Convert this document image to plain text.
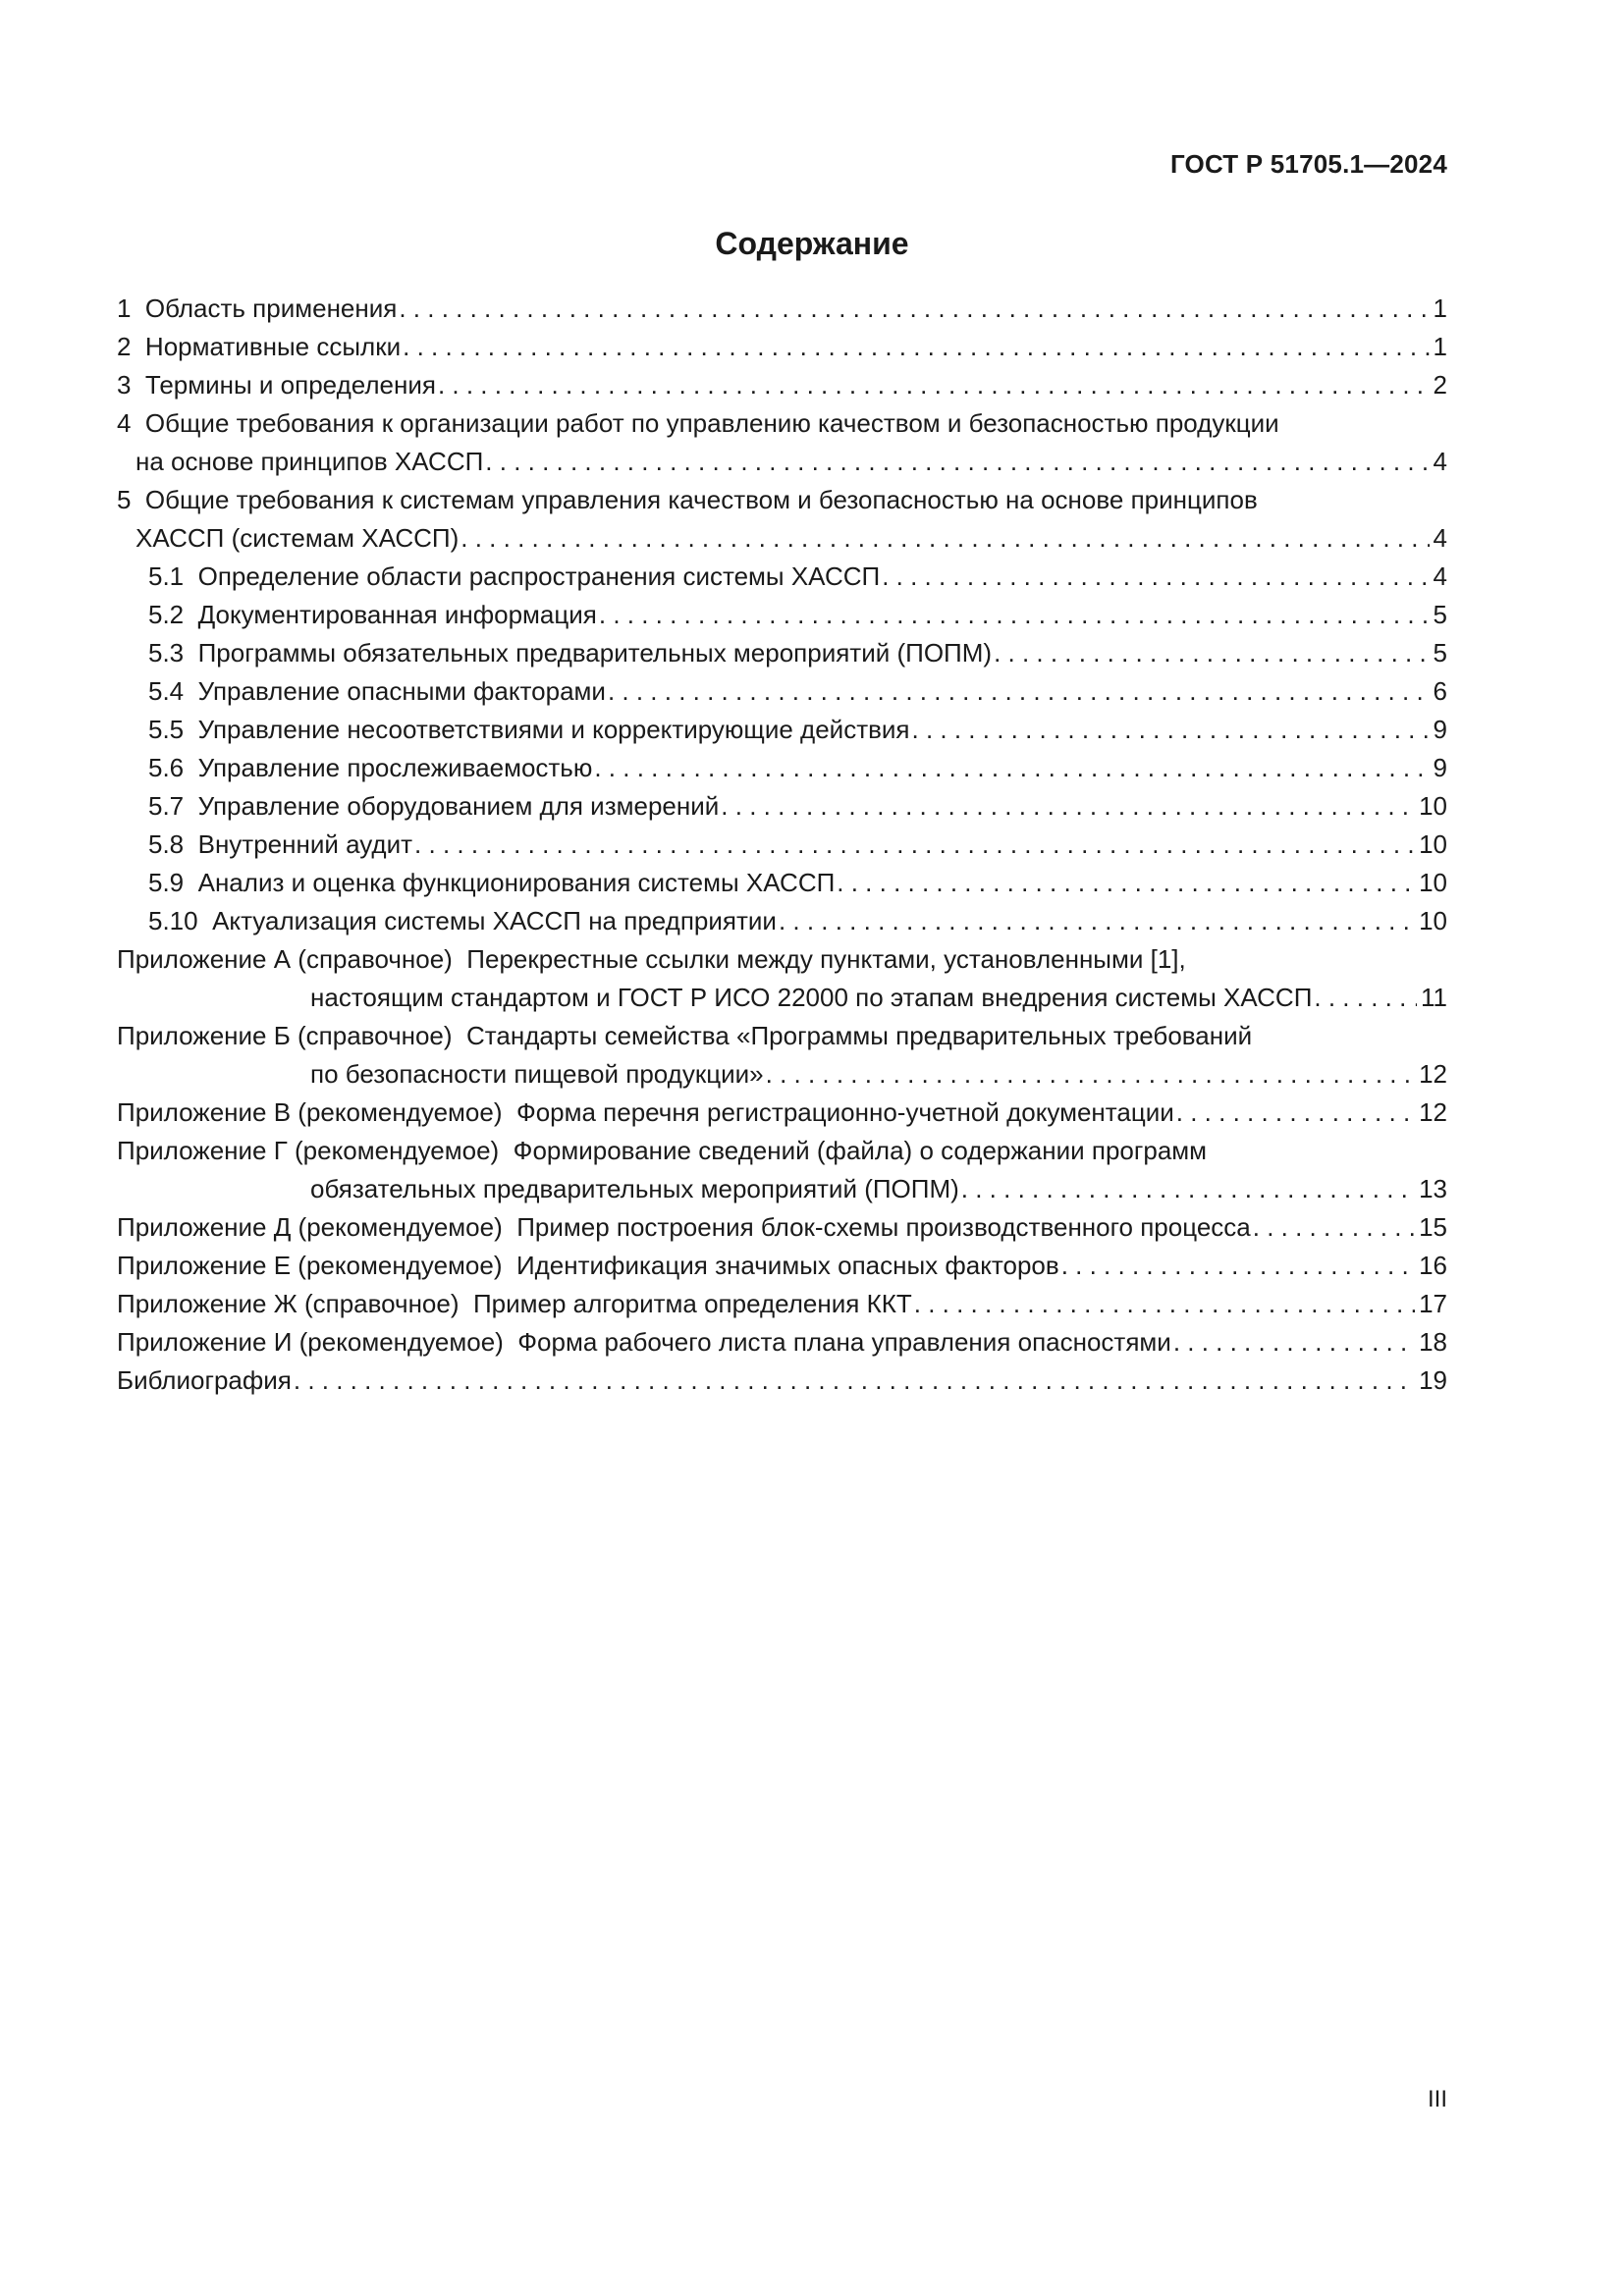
ГОСТ Р 51705.1—2024
Содержание
1 Область применения . . .	1
2 Нормативные ссылки . . .	1
3 Термины и определения . . .	2
4 Общие требования к организации работ по управлению качеством и безопасностью продукции
на основе принципов ХАССП . . .	4
5 Общие требования к системам управления качеством и безопасностью на основе принципов
ХАССП (системам ХАССП) . . .	4
5.1 Определение области распространения системы ХАССП . . .	4
5.2 Документированная информация . . .	5
5.3 Программы обязательных предварительных мероприятий (ПОПМ) . . .	5
5.4 Управление опасными факторами . . .	6
5.5 Управление несоответствиями и корректирующие действия . . .	9
5.6 Управление прослеживаемостью . . .	9
5.7 Управление оборудованием для измерений . . .	10
5.8 Внутренний аудит . . .	10
5.9 Анализ и оценка функционирования системы ХАССП . . .	10
5.10 Актуализация системы ХАССП на предприятии . . .	10
Приложение А (справочное) Перекрестные ссылки между пунктами, установленными [1],
настоящим стандартом и ГОСТ Р ИСО 22000 по этапам внедрения системы ХАССП . . .	11
Приложение Б (справочное) Стандарты семейства «Программы предварительных требований
по безопасности пищевой продукции» . . .	12
Приложение В (рекомендуемое) Форма перечня регистрационно-учетной документации . . .	12
Приложение Г (рекомендуемое) Формирование сведений (файла) о содержании программ
обязательных предварительных мероприятий (ПОПМ) . . .	13
Приложение Д (рекомендуемое) Пример построения блок-схемы производственного процесса . . .	15
Приложение Е (рекомендуемое) Идентификация значимых опасных факторов . . .	16
Приложение Ж (справочное) Пример алгоритма определения ККТ . . .	17
Приложение И (рекомендуемое) Форма рабочего листа плана управления опасностями . . .	18
Библиография . . .	19
III
